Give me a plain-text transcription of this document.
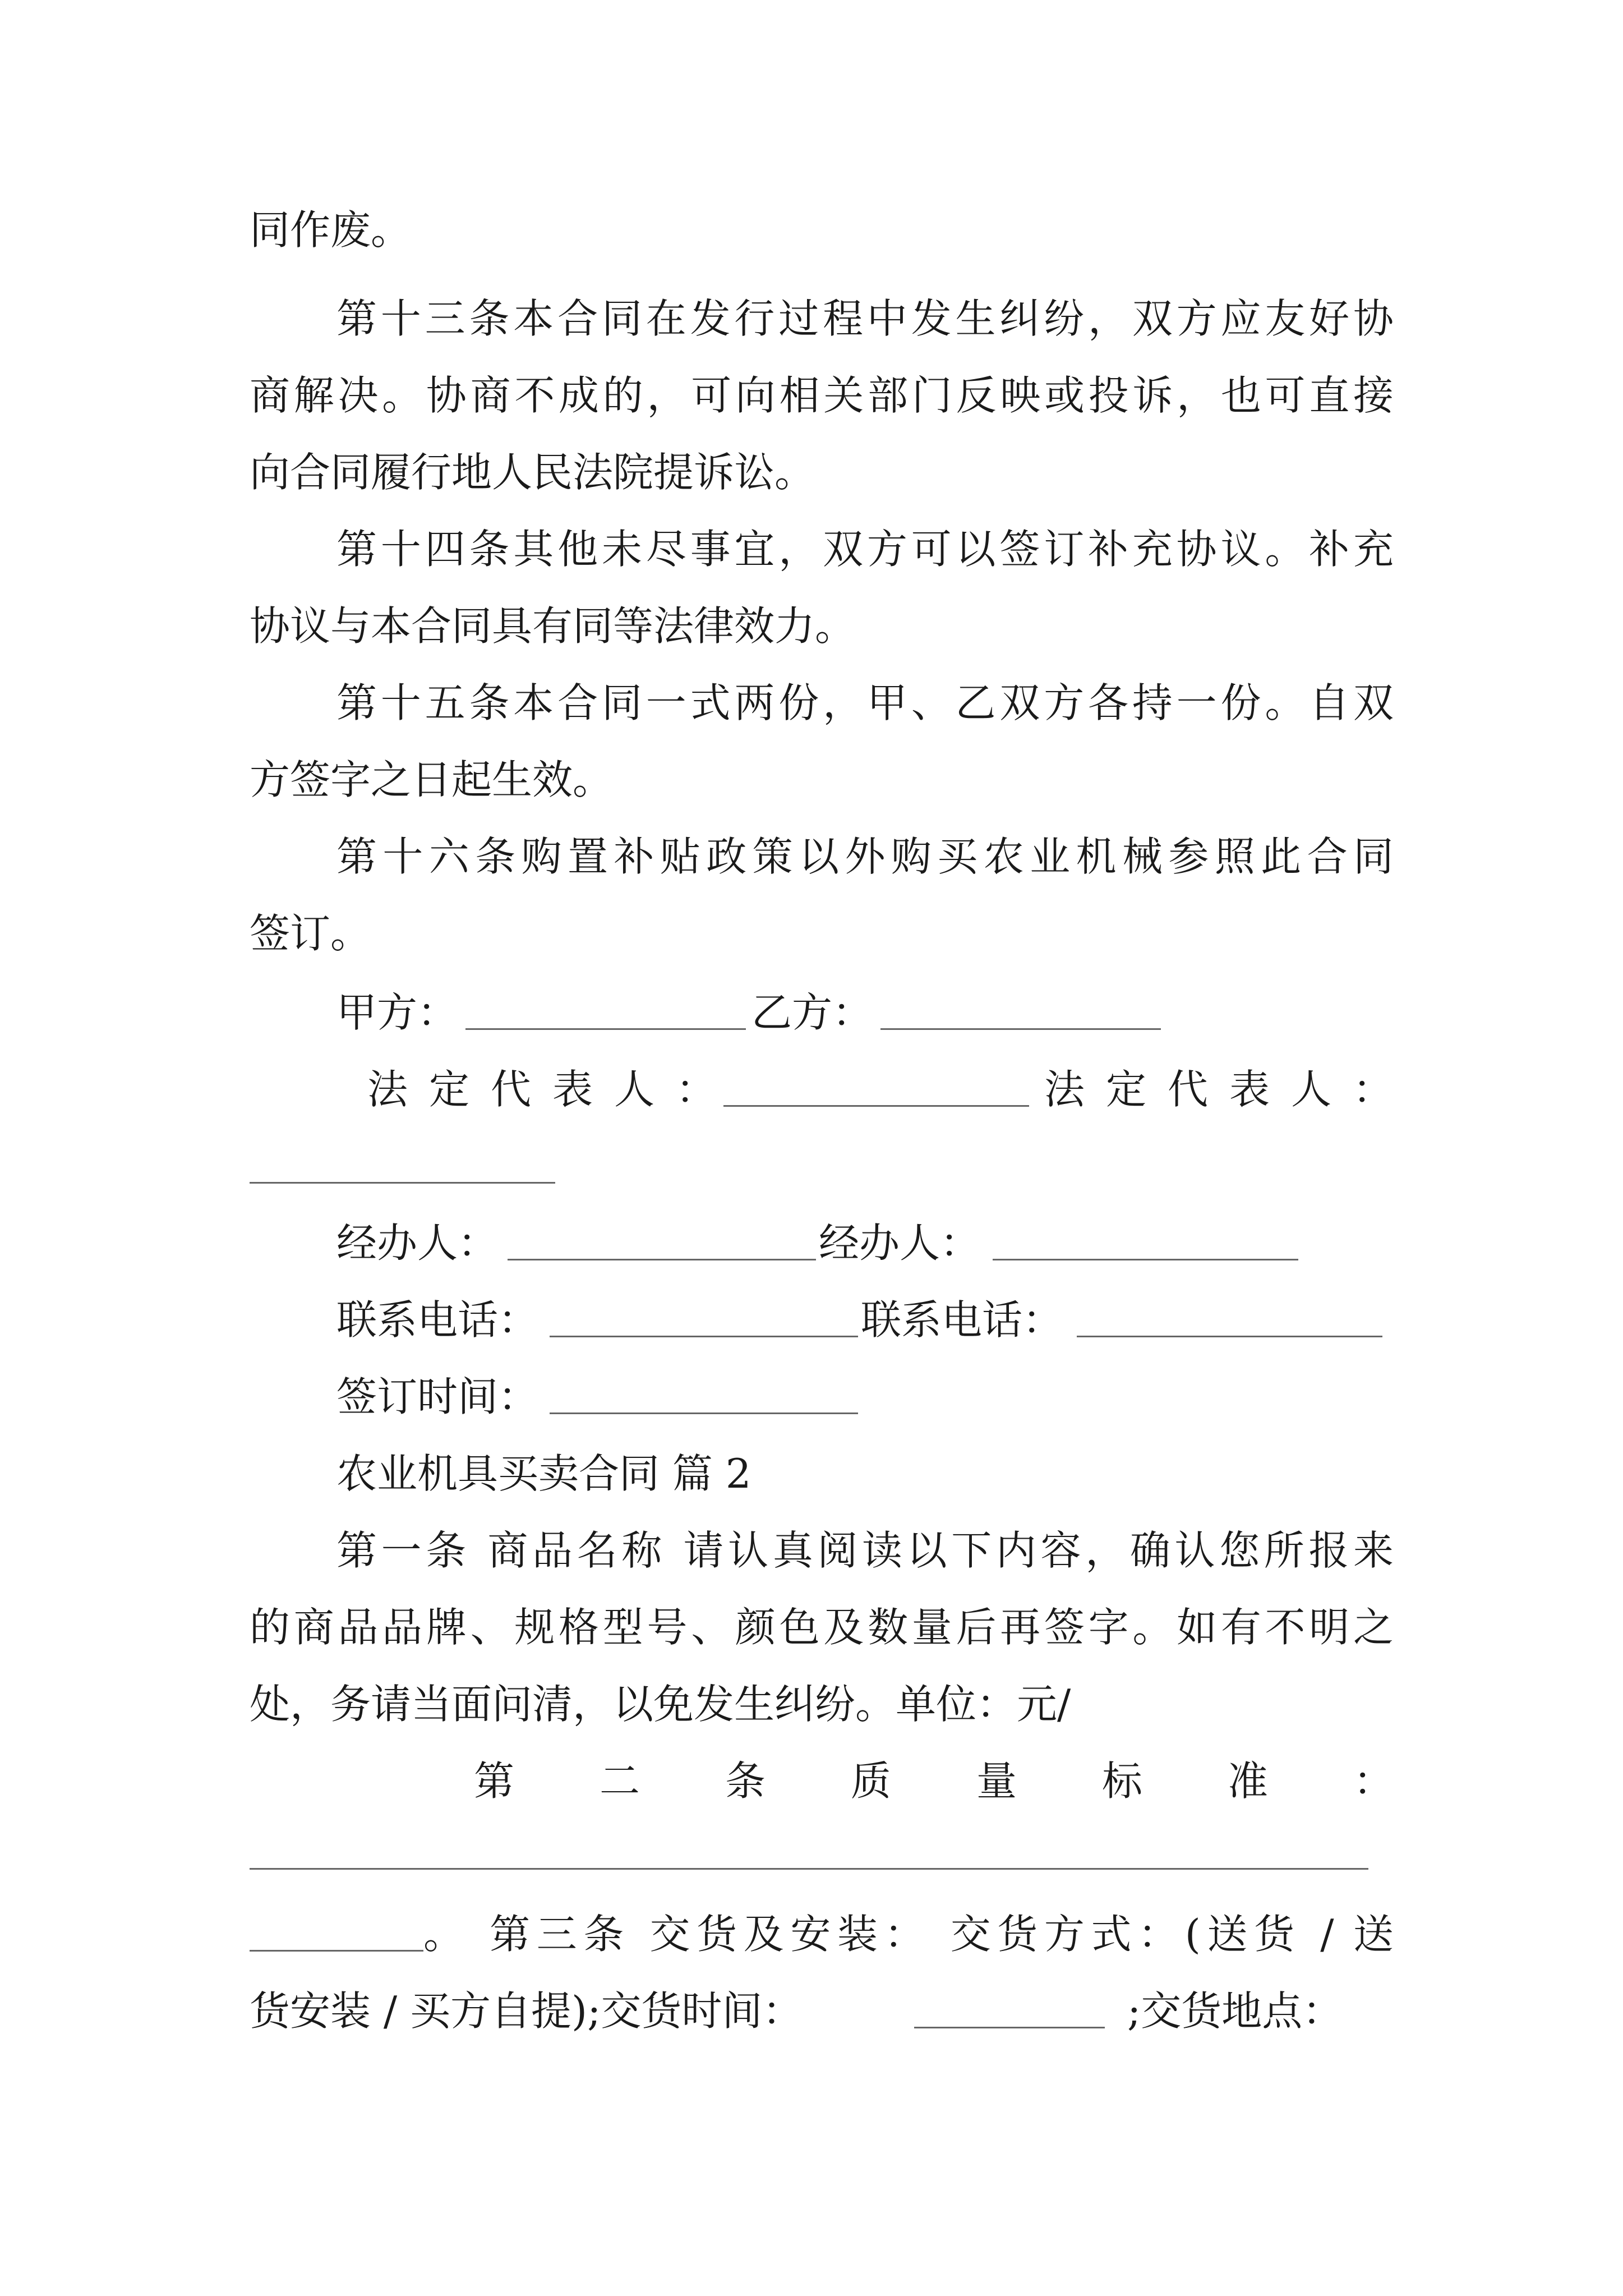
同作废。
第十三条本合同在发行过程中发生纠纷，双方应友好协
商解决。协商不成的，可向相关部门反映或投诉，也可直接
向合同履行地人民法院提诉讼。
第十四条其他未尽事宜，双方可以签订补充协议。补充
协议与本合同具有同等法律效力。
第十五条本合同一式两份，甲、乙双方各持一份。自双
方签字之日起生效。
第十六条购置补贴政策以外购买农业机械参照此合同
签订。
甲方：	乙方：
法定代表人：	法定代表人：
经办人：	经办人：
联系电话：	联系电话：
签订时间：
农业机具买卖合同 篇 2
第一条 商品名称 请认真阅读以下内容，确认您所报来
的商品品牌、规格型号、颜色及数量后再签字。如有不明之
处，务请当面问清，以免发生纠纷。单位：元/
第二条质量标准：
。 第三条 交货及安装： 交货方式：(送货 / 送
货安装 / 买方自提);交货时间：	;交货地点：
